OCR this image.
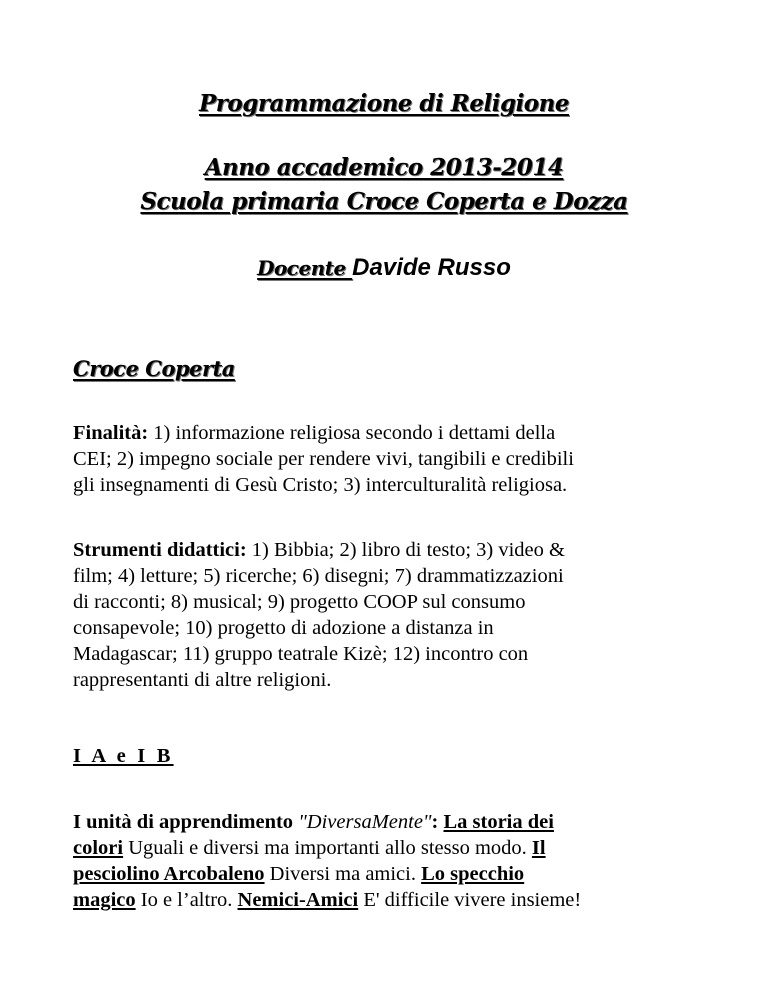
Programmazione di Religione
Anno accademico 2013-2014
Scuola primaria Croce Coperta e Dozza
Docente Davide Russo
Croce Coperta
Finalità: 1) informazione religiosa secondo i dettami della
CEI; 2) impegno sociale per rendere vivi, tangibili e credibili
gli insegnamenti di Gesù Cristo; 3) interculturalità religiosa.
Strumenti didattici: 1) Bibbia; 2) libro di testo; 3) video &
film; 4) letture; 5) ricerche; 6) disegni; 7) drammatizzazioni
di racconti; 8) musical; 9) progetto COOP sul consumo
consapevole; 10) progetto di adozione a distanza in
Madagascar; 11) gruppo teatrale Kizè; 12) incontro con
rappresentanti di altre religioni.
I A e I B
I unità di apprendimento "DiversaMente": La storia dei
colori Uguali e diversi ma importanti allo stesso modo. Il
pesciolino Arcobaleno Diversi ma amici. Lo specchio
magico Io e l’altro. Nemici-Amici E' difficile vivere insieme!
